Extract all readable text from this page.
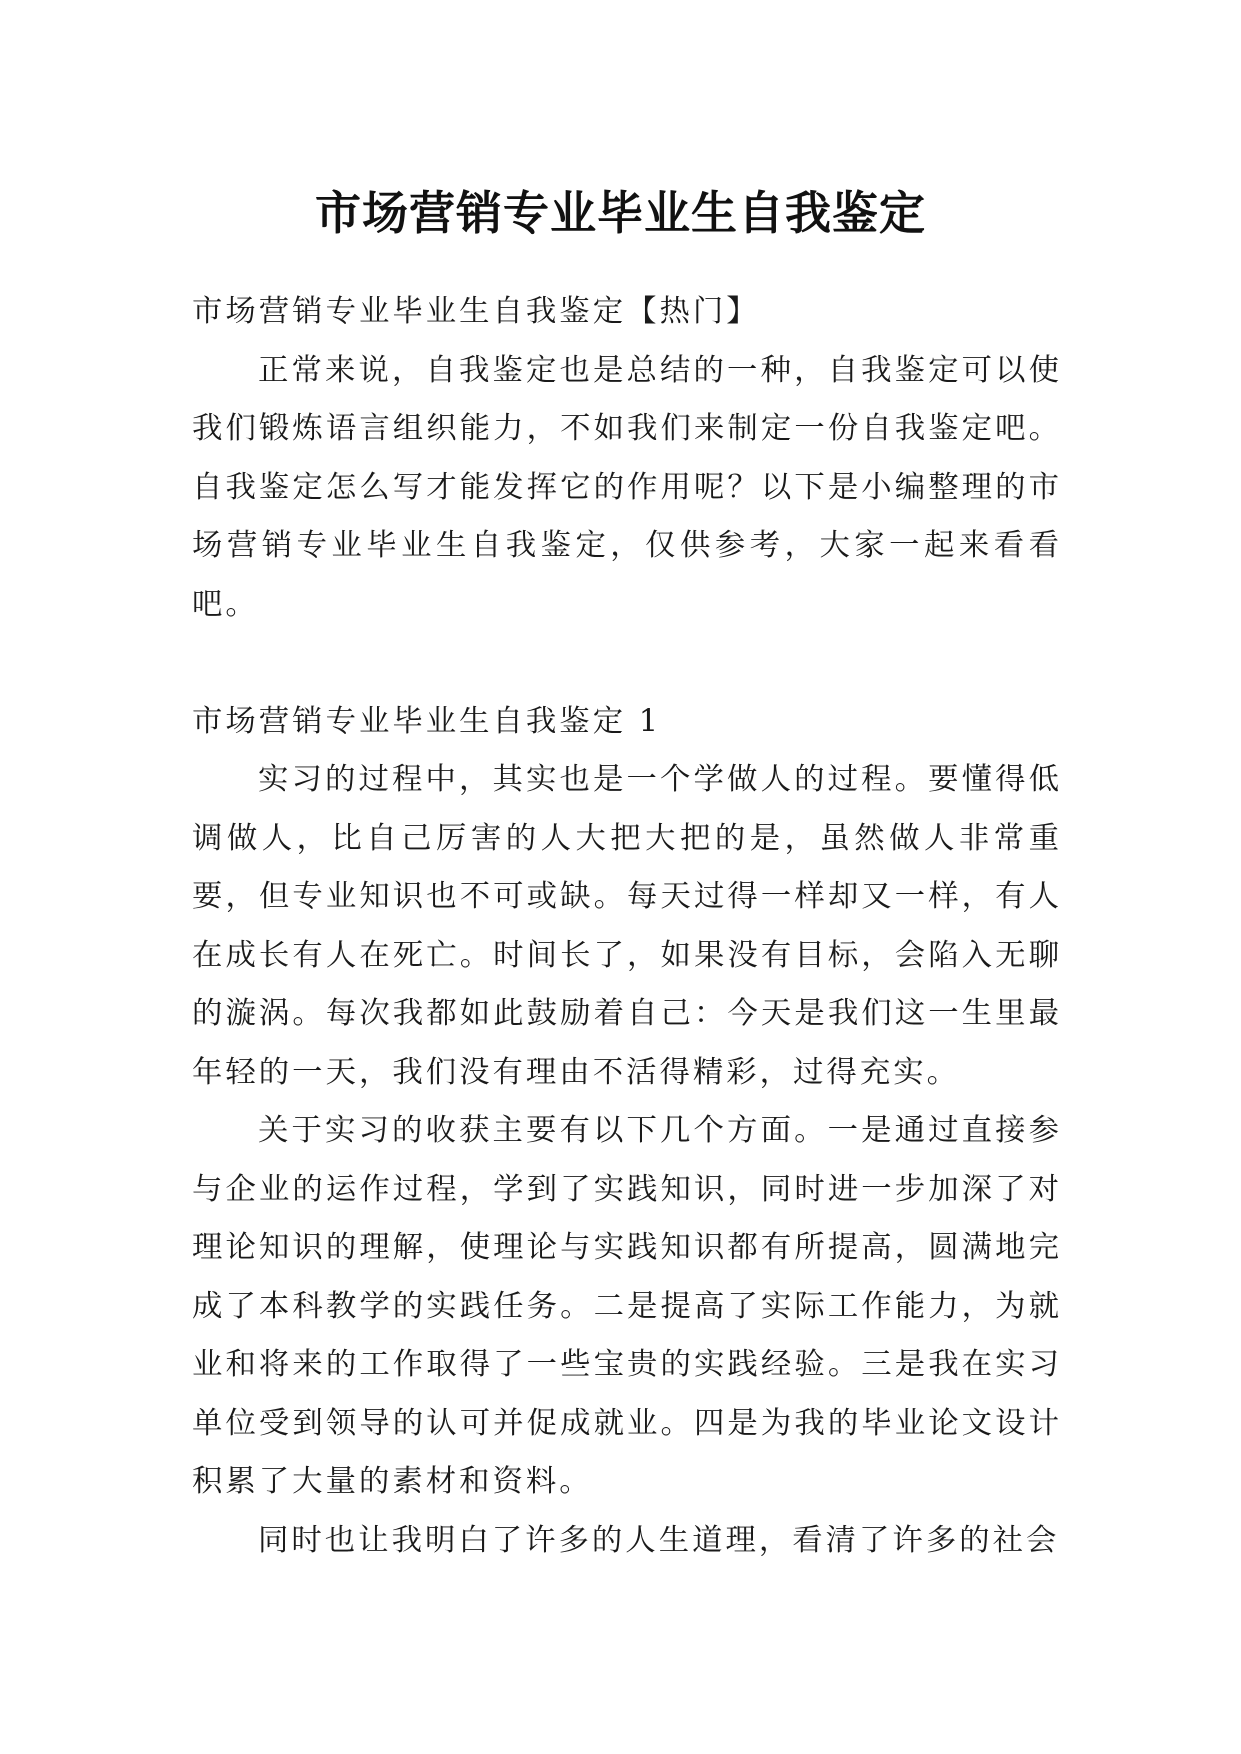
市场营销专业毕业生自我鉴定

市场营销专业毕业生自我鉴定【热门】

正常来说，自我鉴定也是总结的一种，自我鉴定可以使我们锻炼语言组织能力，不如我们来制定一份自我鉴定吧。自我鉴定怎么写才能发挥它的作用呢？以下是小编整理的市场营销专业毕业生自我鉴定，仅供参考，大家一起来看看吧。

市场营销专业毕业生自我鉴定 1

实习的过程中，其实也是一个学做人的过程。要懂得低调做人，比自己厉害的人大把大把的是，虽然做人非常重要，但专业知识也不可或缺。每天过得一样却又一样，有人在成长有人在死亡。时间长了，如果没有目标，会陷入无聊的漩涡。每次我都如此鼓励着自己：今天是我们这一生里最年轻的一天，我们没有理由不活得精彩，过得充实。

关于实习的收获主要有以下几个方面。一是通过直接参与企业的运作过程，学到了实践知识，同时进一步加深了对理论知识的理解，使理论与实践知识都有所提高，圆满地完成了本科教学的实践任务。二是提高了实际工作能力，为就业和将来的工作取得了一些宝贵的实践经验。三是我在实习单位受到领导的认可并促成就业。四是为我的毕业论文设计积累了大量的素材和资料。

同时也让我明白了许多的人生道理，看清了许多的社会
